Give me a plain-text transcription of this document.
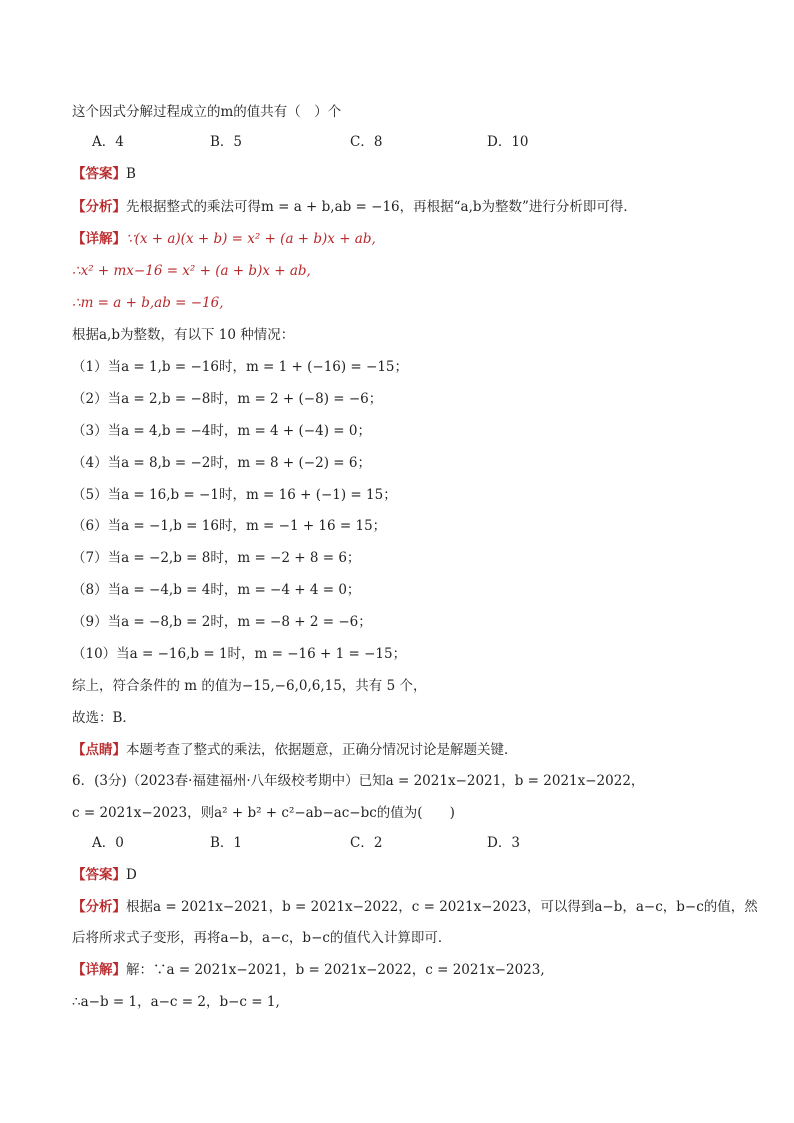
这个因式分解过程成立的m的值共有（　）个
A．4	B．5	C．8	D．10
【答案】B
【分析】先根据整式的乘法可得m = a + b,ab = −16，再根据“a,b为整数”进行分析即可得．
【详解】∵(x + a)(x + b) = x² + (a + b)x + ab,
∴x² + mx−16 = x² + (a + b)x + ab,
∴m = a + b,ab = −16,
根据a,b为整数，有以下 10 种情况：
（1）当a = 1,b = −16时，m = 1 + (−16) = −15；
（2）当a = 2,b = −8时，m = 2 + (−8) = −6；
（3）当a = 4,b = −4时，m = 4 + (−4) = 0；
（4）当a = 8,b = −2时，m = 8 + (−2) = 6；
（5）当a = 16,b = −1时，m = 16 + (−1) = 15；
（6）当a = −1,b = 16时，m = −1 + 16 = 15；
（7）当a = −2,b = 8时，m = −2 + 8 = 6；
（8）当a = −4,b = 4时，m = −4 + 4 = 0；
（9）当a = −8,b = 2时，m = −8 + 2 = −6；
（10）当a = −16,b = 1时，m = −16 + 1 = −15；
综上，符合条件的 m 的值为−15,−6,0,6,15，共有 5 个，
故选：B．
【点睛】本题考查了整式的乘法，依据题意，正确分情况讨论是解题关键．
6．(3分)（2023春·福建福州·八年级校考期中）已知a = 2021x−2021，b = 2021x−2022，
c = 2021x−2023，则a² + b² + c²−ab−ac−bc的值为(　　)
A．0	B．1	C．2	D．3
【答案】D
【分析】根据a = 2021x−2021，b = 2021x−2022，c = 2021x−2023，可以得到a−b，a−c，b−c的值，然
后将所求式子变形，再将a−b，a−c，b−c的值代入计算即可．
【详解】解：∵a = 2021x−2021，b = 2021x−2022，c = 2021x−2023,
∴a−b = 1，a−c = 2，b−c = 1,
